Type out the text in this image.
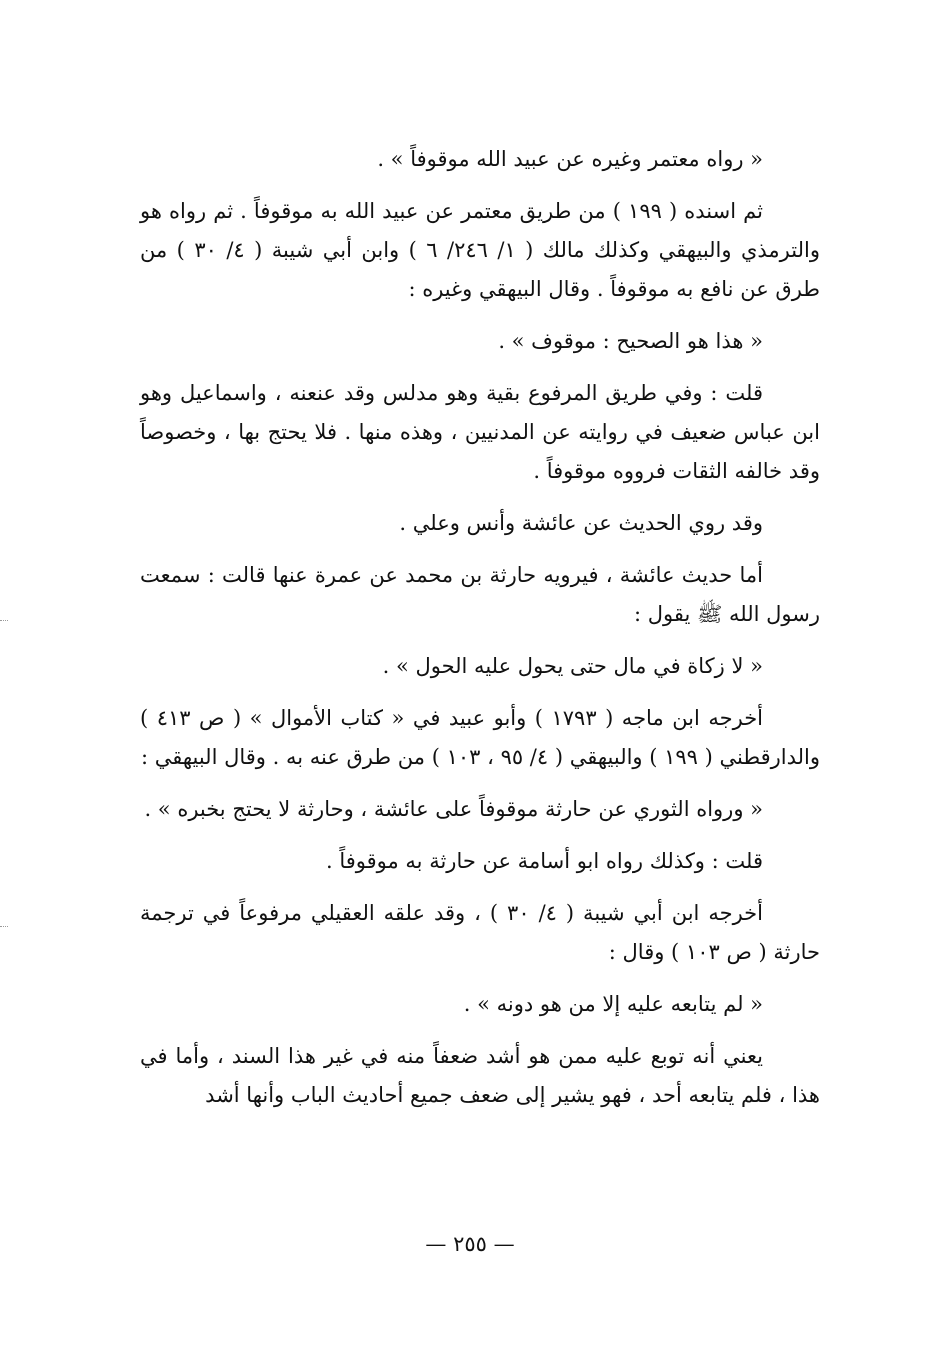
« رواه معتمر وغيره عن عبيد الله موقوفاً » .

ثم اسنده ( ١٩٩ ) من طريق معتمر عن عبيد الله به موقوفاً . ثم رواه هو والترمذي والبيهقي وكذلك مالك ( ١/ ٢٤٦/ ٦ ) وابن أبي شيبة ( ٤/ ٣٠ ) من طرق عن نافع به موقوفاً . وقال البيهقي وغيره :

« هذا هو الصحيح : موقوف » .

قلت : وفي طريق المرفوع بقية وهو مدلس وقد عنعنه ، واسماعيل وهو ابن عباس ضعيف في روايته عن المدنيين ، وهذه منها . فلا يحتج بها ، وخصوصاً وقد خالفه الثقات فرووه موقوفاً .

وقد روي الحديث عن عائشة وأنس وعلي .

أما حديث عائشة ، فيرويه حارثة بن محمد عن عمرة عنها قالت : سمعت رسول الله ﷺ يقول :

« لا زكاة في مال حتى يحول عليه الحول » .

أخرجه ابن ماجه ( ١٧٩٣ ) وأبو عبيد في « كتاب الأموال » ( ص ٤١٣ ) والدارقطني ( ١٩٩ ) والبيهقي ( ٤/ ٩٥ ، ١٠٣ ) من طرق عنه به . وقال البيهقي :

« ورواه الثوري عن حارثة موقوفاً على عائشة ، وحارثة لا يحتج بخبره » .

قلت : وكذلك رواه ابو أسامة عن حارثة به موقوفاً .

أخرجه ابن أبي شيبة ( ٤/ ٣٠ ) ، وقد علقه العقيلي مرفوعاً في ترجمة حارثة ( ص ١٠٣ ) وقال :

« لم يتابعه عليه إلا من هو دونه » .

يعني أنه توبع عليه ممن هو أشد ضعفاً منه في غير هذا السند ، وأما في هذا ، فلم يتابعه أحد ، فهو يشير إلى ضعف جميع أحاديث الباب وأنها أشد

— ٢٥٥ —
